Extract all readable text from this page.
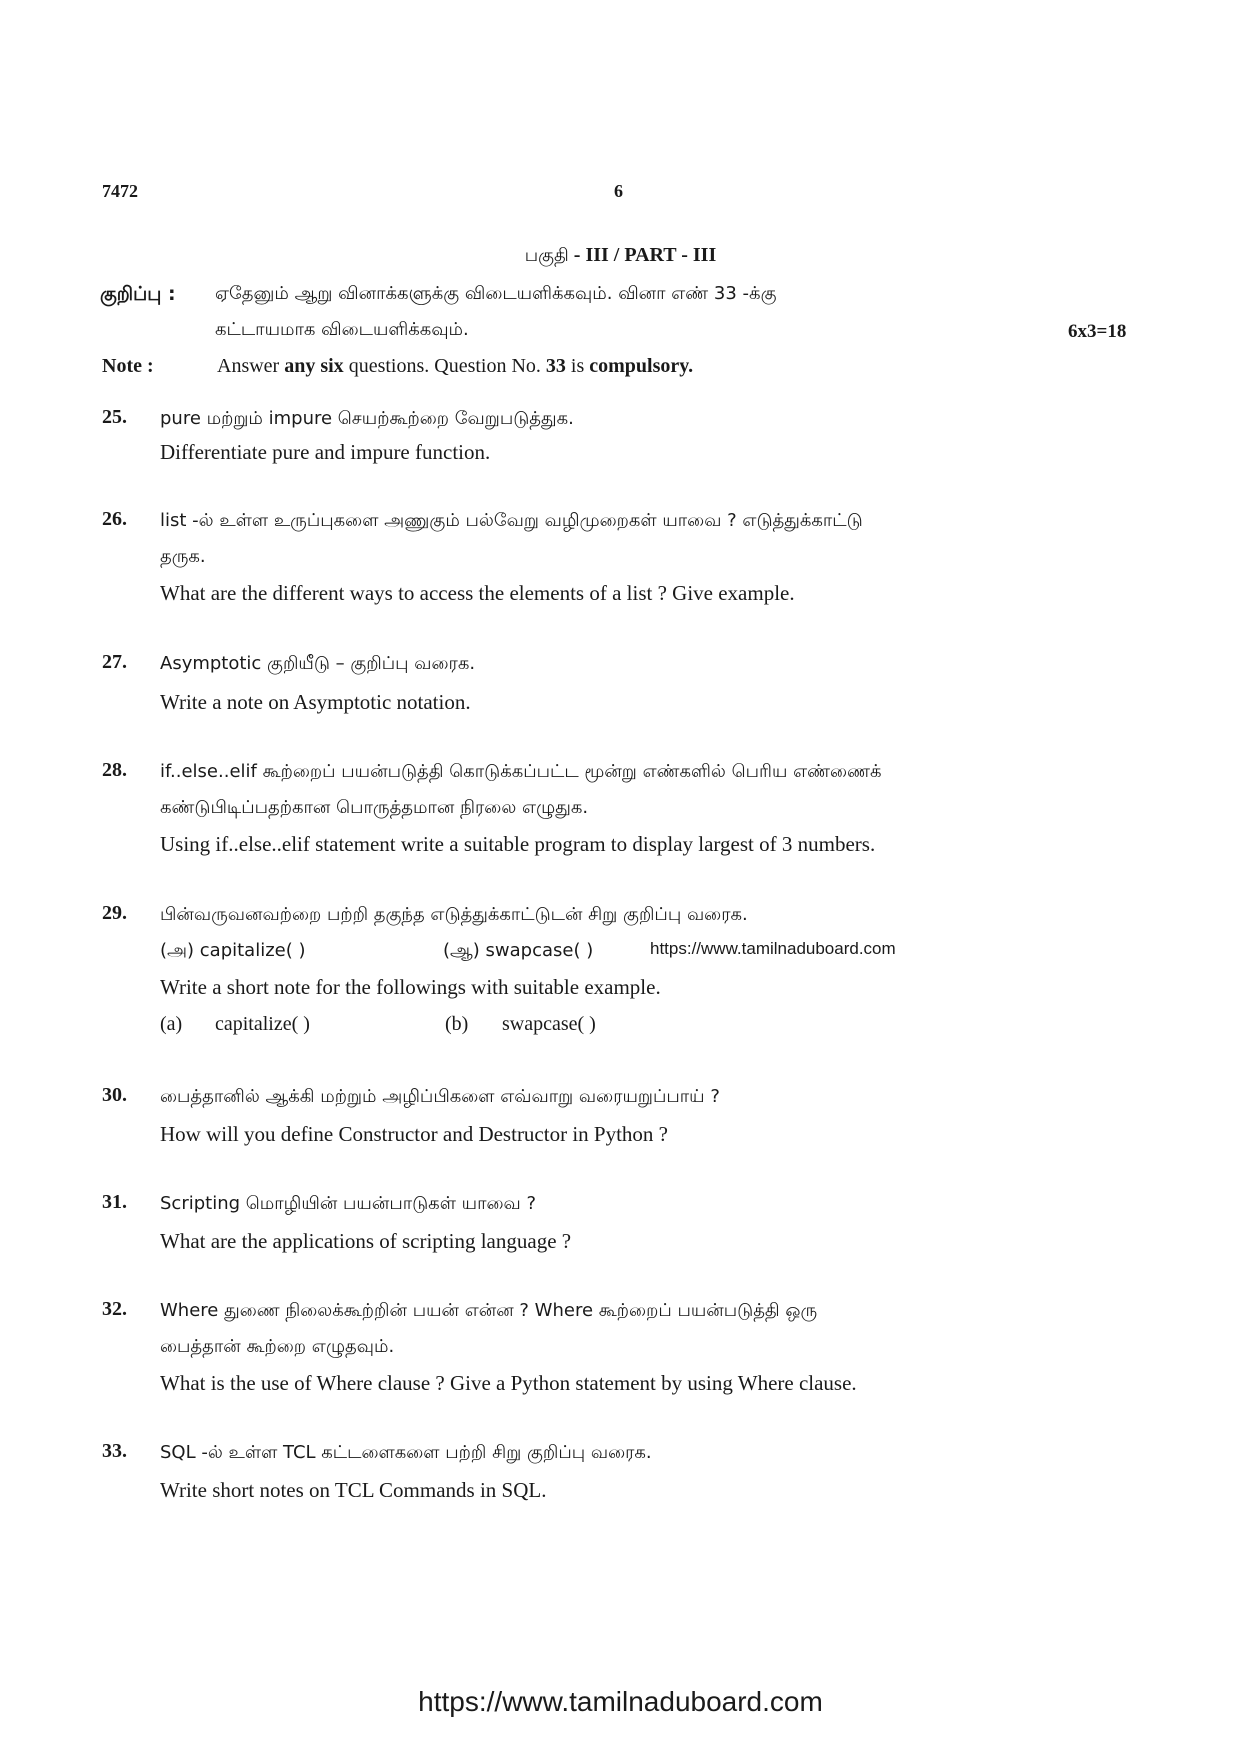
7472	6
பகுதி - III / PART - III
குறிப்பு : ஏதேனும் ஆறு வினாக்களுக்கு விடையளிக்கவும். வினா எண் 33 -க்கு
கட்டாயமாக விடையளிக்கவும்.	6x3=18
Note :	Answer any six questions. Question No. 33 is compulsory.
25. pure மற்றும் impure செயற்கூற்றை வேறுபடுத்துக.
Differentiate pure and impure function.
26. list -ல் உள்ள உருப்புகளை அணுகும் பல்வேறு வழிமுறைகள் யாவை ? எடுத்துக்காட்டு
தருக.
What are the different ways to access the elements of a list ? Give example.
27. Asymptotic குறியீடு – குறிப்பு வரைக.
Write a note on Asymptotic notation.
28. if..else..elif கூற்றைப் பயன்படுத்தி கொடுக்கப்பட்ட மூன்று எண்களில் பெரிய எண்ணைக்
கண்டுபிடிப்பதற்கான பொருத்தமான நிரலை எழுதுக.
Using if..else..elif statement write a suitable program to display largest of 3 numbers.
29. பின்வருவனவற்றை பற்றி தகுந்த எடுத்துக்காட்டுடன் சிறு குறிப்பு வரைக.
(அ) capitalize( )	(ஆ) swapcase( )	https://www.tamilnaduboard.com
Write a short note for the followings with suitable example.
(a) capitalize( )	(b) swapcase( )
30. பைத்தானில் ஆக்கி மற்றும் அழிப்பிகளை எவ்வாறு வரையறுப்பாய் ?
How will you define Constructor and Destructor in Python ?
31. Scripting மொழியின் பயன்பாடுகள் யாவை ?
What are the applications of scripting language ?
32. Where துணை நிலைக்கூற்றின் பயன் என்ன ? Where கூற்றைப் பயன்படுத்தி ஒரு
பைத்தான் கூற்றை எழுதவும்.
What is the use of Where clause ? Give a Python statement by using Where clause.
33. SQL -ல் உள்ள TCL கட்டளைகளை பற்றி சிறு குறிப்பு வரைக.
Write short notes on TCL Commands in SQL.
https://www.tamilnaduboard.com
